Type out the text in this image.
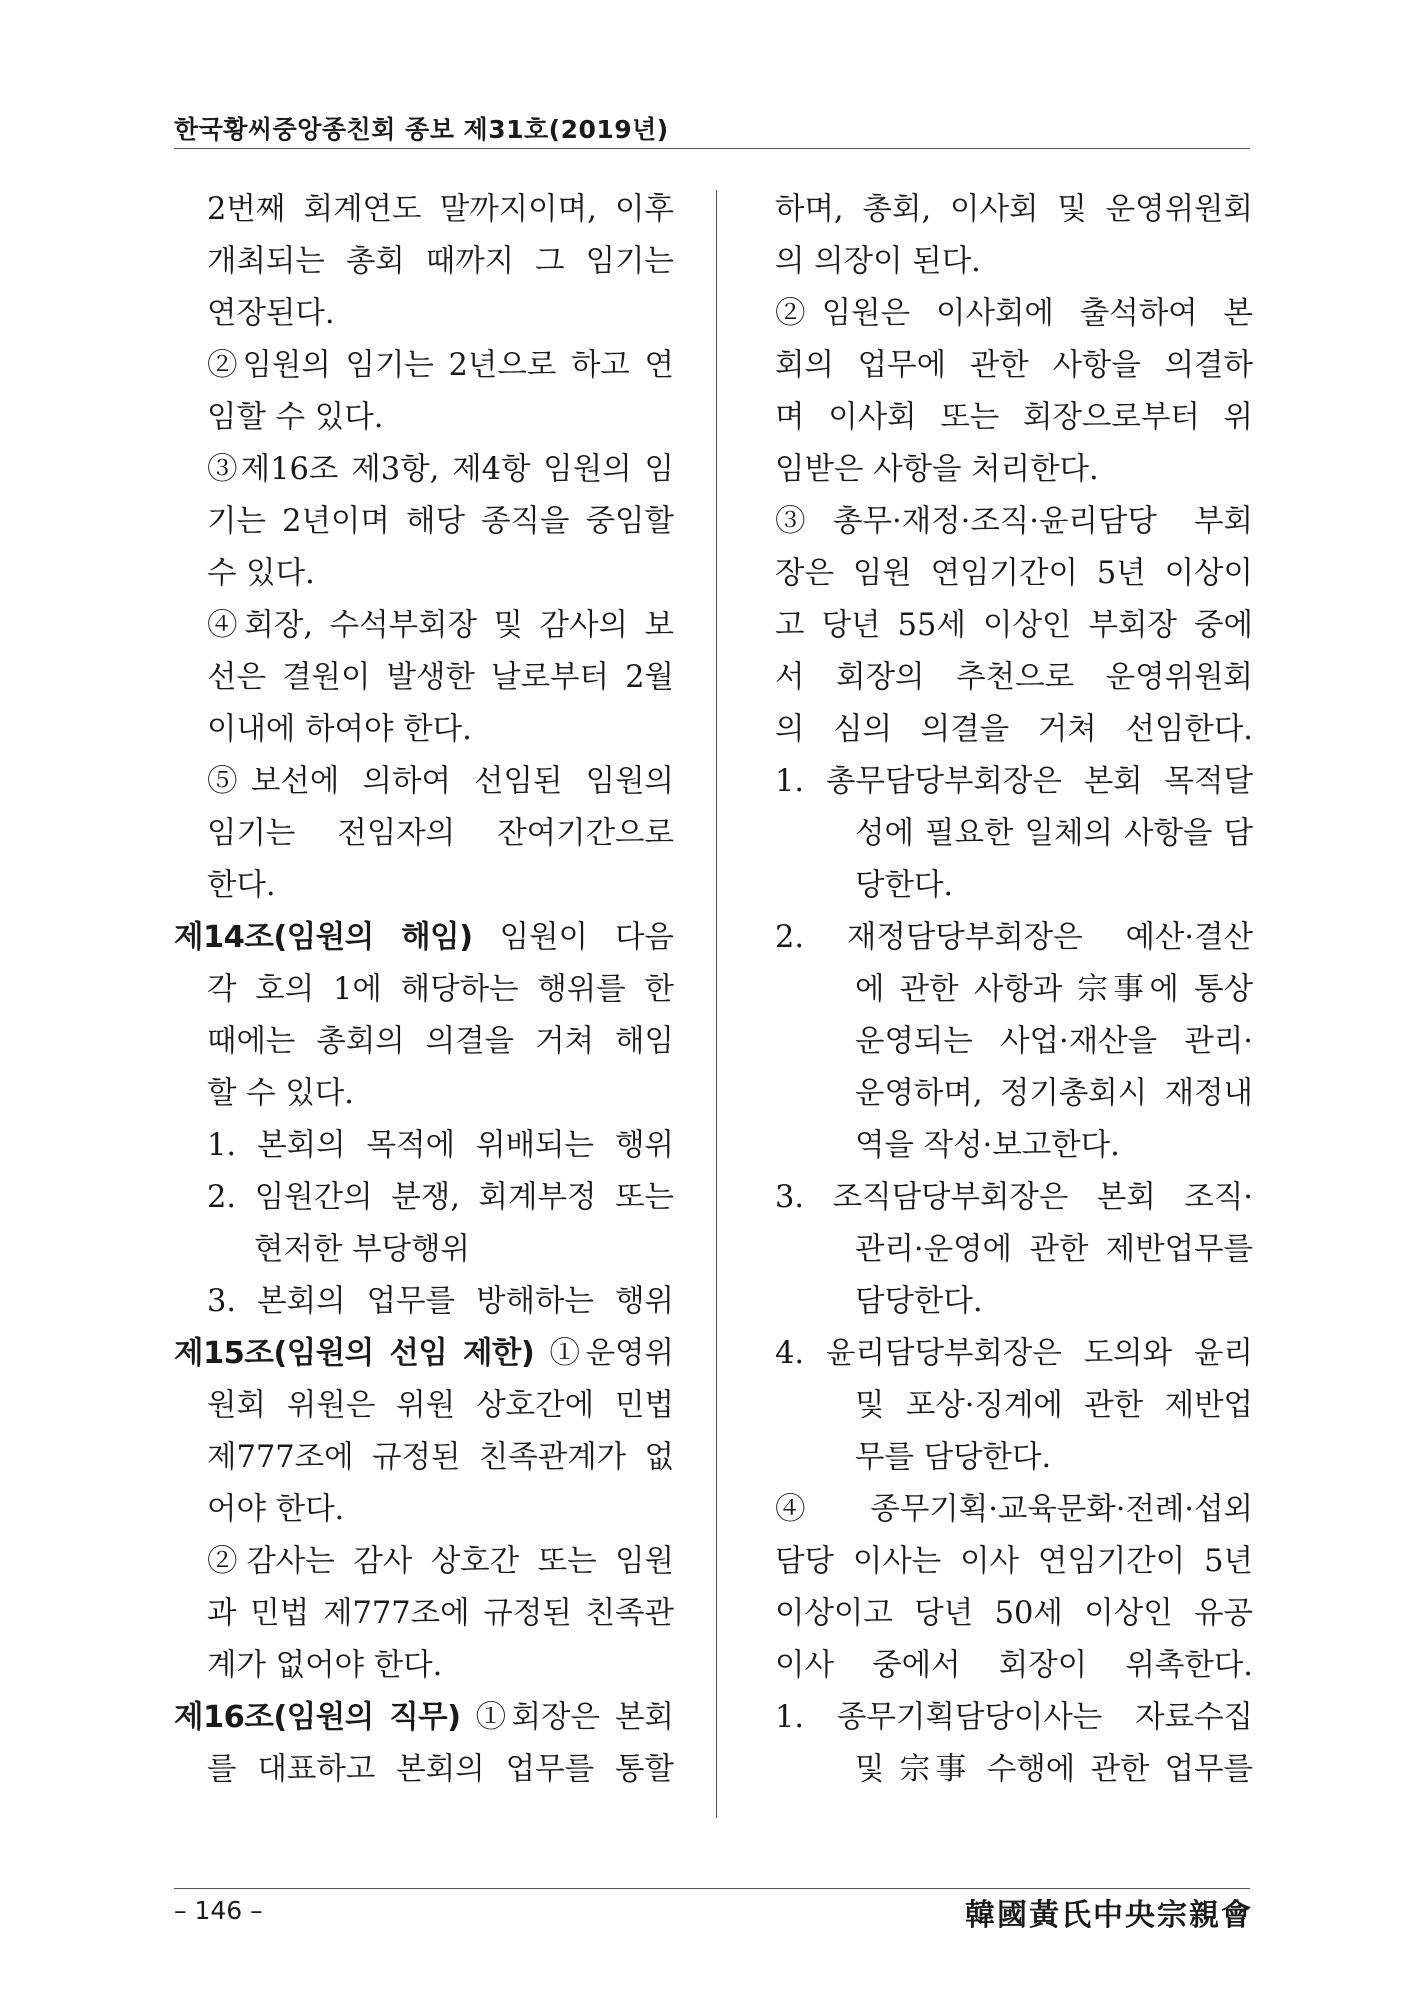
한국황씨중앙종친회 종보 제31호(2019년)
2번째 회계연도 말까지이며, 이후
개최되는 총회 때까지 그 임기는
연장된다.
②임원의 임기는 2년으로 하고 연
임할 수 있다.
③제16조 제3항, 제4항 임원의 임
기는 2년이며 해당 종직을 중임할
수 있다.
④회장, 수석부회장 및 감사의 보
선은 결원이 발생한 날로부터 2월
이내에 하여야 한다.
⑤보선에 의하여 선임된 임원의
임기는 전임자의 잔여기간으로
한다.
제14조(임원의 해임) 임원이 다음
각 호의 1에 해당하는 행위를 한
때에는 총회의 의결을 거쳐 해임
할 수 있다.
1. 본회의 목적에 위배되는 행위
2. 임원간의 분쟁, 회계부정 또는
현저한 부당행위
3. 본회의 업무를 방해하는 행위
제15조(임원의 선임 제한) ①운영위
원회 위원은 위원 상호간에 민법
제777조에 규정된 친족관계가 없
어야 한다.
②감사는 감사 상호간 또는 임원
과 민법 제777조에 규정된 친족관
계가 없어야 한다.
제16조(임원의 직무) ①회장은 본회
를 대표하고 본회의 업무를 통할
하며, 총회, 이사회 및 운영위원회
의 의장이 된다.
②임원은 이사회에 출석하여 본
회의 업무에 관한 사항을 의결하
며 이사회 또는 회장으로부터 위
임받은 사항을 처리한다.
③총무·재정·조직·윤리담당 부회
장은 임원 연임기간이 5년 이상이
고 당년 55세 이상인 부회장 중에
서 회장의 추천으로 운영위원회
의 심의 의결을 거쳐 선임한다.
1. 총무담당부회장은 본회 목적달
성에 필요한 일체의 사항을 담
당한다.
2. 재정담당부회장은 예산·결산
에 관한 사항과 宗事에 통상
운영되는 사업·재산을 관리·
운영하며, 정기총회시 재정내
역을 작성·보고한다.
3. 조직담당부회장은 본회 조직·
관리·운영에 관한 제반업무를
담당한다.
4. 윤리담당부회장은 도의와 윤리
및 포상·징계에 관한 제반업
무를 담당한다.
④종무기획·교육문화·전례·섭외
담당 이사는 이사 연임기간이 5년
이상이고 당년 50세 이상인 유공
이사 중에서 회장이 위촉한다.
1. 종무기획담당이사는 자료수집
및 宗事 수행에 관한 업무를
– 146 –	韓國黃氏中央宗親會
